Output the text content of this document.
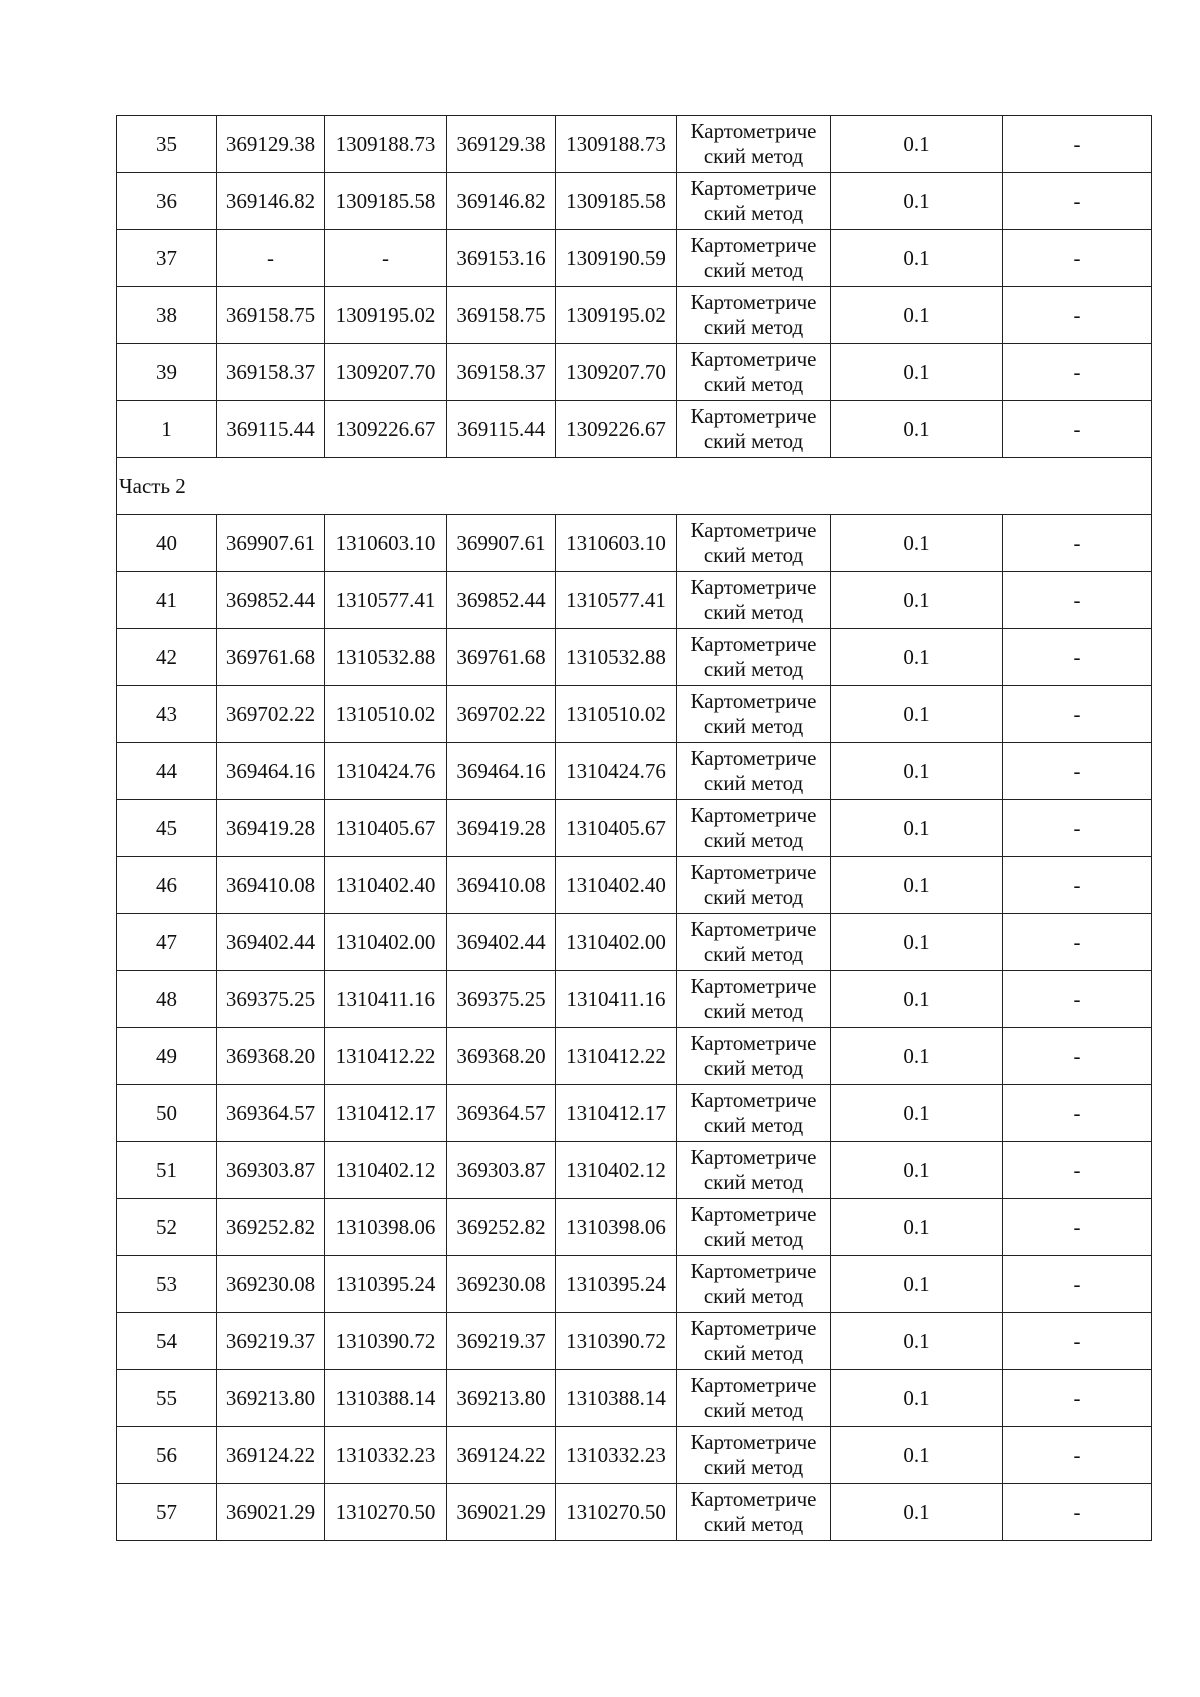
35	369129.38	1309188.73	369129.38	1309188.73	Картометриче
ский метод	0.1	-
36	369146.82	1309185.58	369146.82	1309185.58	Картометриче
ский метод	0.1	-
37	-	-	369153.16	1309190.59	Картометриче
ский метод	0.1	-
38	369158.75	1309195.02	369158.75	1309195.02	Картометриче
ский метод	0.1	-
39	369158.37	1309207.70	369158.37	1309207.70	Картометриче
ский метод	0.1	-
1	369115.44	1309226.67	369115.44	1309226.67	Картометриче
ский метод	0.1	-
Часть 2							
40	369907.61	1310603.10	369907.61	1310603.10	Картометриче
ский метод	0.1	-
41	369852.44	1310577.41	369852.44	1310577.41	Картометриче
ский метод	0.1	-
42	369761.68	1310532.88	369761.68	1310532.88	Картометриче
ский метод	0.1	-
43	369702.22	1310510.02	369702.22	1310510.02	Картометриче
ский метод	0.1	-
44	369464.16	1310424.76	369464.16	1310424.76	Картометриче
ский метод	0.1	-
45	369419.28	1310405.67	369419.28	1310405.67	Картометриче
ский метод	0.1	-
46	369410.08	1310402.40	369410.08	1310402.40	Картометриче
ский метод	0.1	-
47	369402.44	1310402.00	369402.44	1310402.00	Картометриче
ский метод	0.1	-
48	369375.25	1310411.16	369375.25	1310411.16	Картометриче
ский метод	0.1	-
49	369368.20	1310412.22	369368.20	1310412.22	Картометриче
ский метод	0.1	-
50	369364.57	1310412.17	369364.57	1310412.17	Картометриче
ский метод	0.1	-
51	369303.87	1310402.12	369303.87	1310402.12	Картометриче
ский метод	0.1	-
52	369252.82	1310398.06	369252.82	1310398.06	Картометриче
ский метод	0.1	-
53	369230.08	1310395.24	369230.08	1310395.24	Картометриче
ский метод	0.1	-
54	369219.37	1310390.72	369219.37	1310390.72	Картометриче
ский метод	0.1	-
55	369213.80	1310388.14	369213.80	1310388.14	Картометриче
ский метод	0.1	-
56	369124.22	1310332.23	369124.22	1310332.23	Картометриче
ский метод	0.1	-
57	369021.29	1310270.50	369021.29	1310270.50	Картометриче
ский метод	0.1	-
